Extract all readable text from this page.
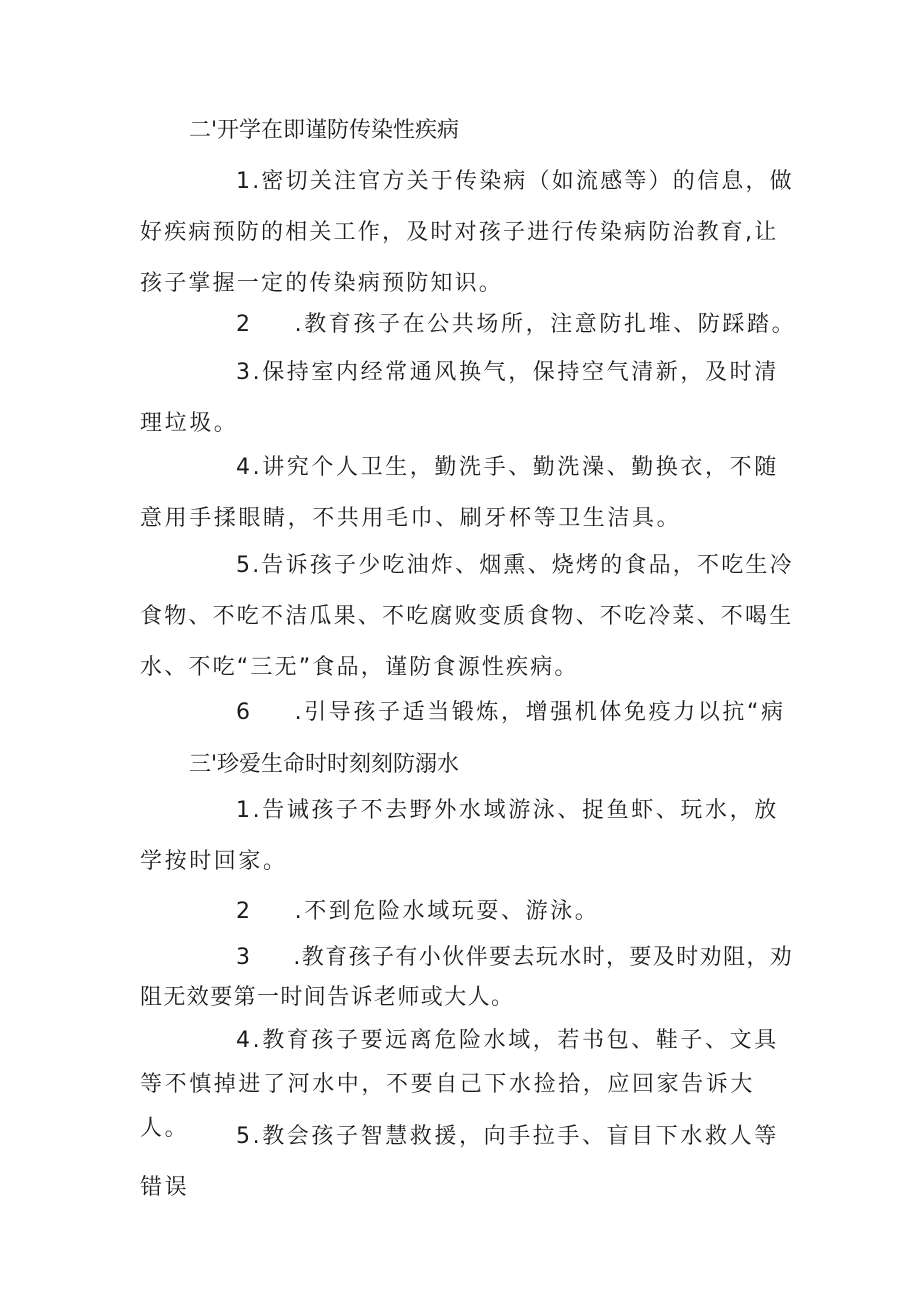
二'开学在即谨防传染性疾病

1.密切关注官方关于传染病（如流感等）的信息，做好疾病预防的相关工作，及时对孩子进行传染病防治教育,让孩子掌握一定的传染病预防知识。

2 .教育孩子在公共场所，注意防扎堆、防踩踏。

3.保持室内经常通风换气，保持空气清新，及时清理垃圾。

4.讲究个人卫生，勤洗手、勤洗澡、勤换衣，不随意用手揉眼睛，不共用毛巾、刷牙杯等卫生洁具。

5.告诉孩子少吃油炸、烟熏、烧烤的食品，不吃生冷食物、不吃不洁瓜果、不吃腐败变质食物、不吃冷菜、不喝生水、不吃“三无”食品，谨防食源性疾病。

6 .引导孩子适当锻炼，增强机体免疫力以抗“病

三'珍爱生命时时刻刻防溺水

1.告诫孩子不去野外水域游泳、捉鱼虾、玩水，放学按时回家。

2 .不到危险水域玩耍、游泳。

3 .教育孩子有小伙伴要去玩水时，要及时劝阻，劝阻无效要第一时间告诉老师或大人。

4.教育孩子要远离危险水域，若书包、鞋子、文具等不慎掉进了河水中，不要自己下水捡拾，应回家告诉大人。	5.教会孩子智慧救援，向手拉手、盲目下水救人等错误
